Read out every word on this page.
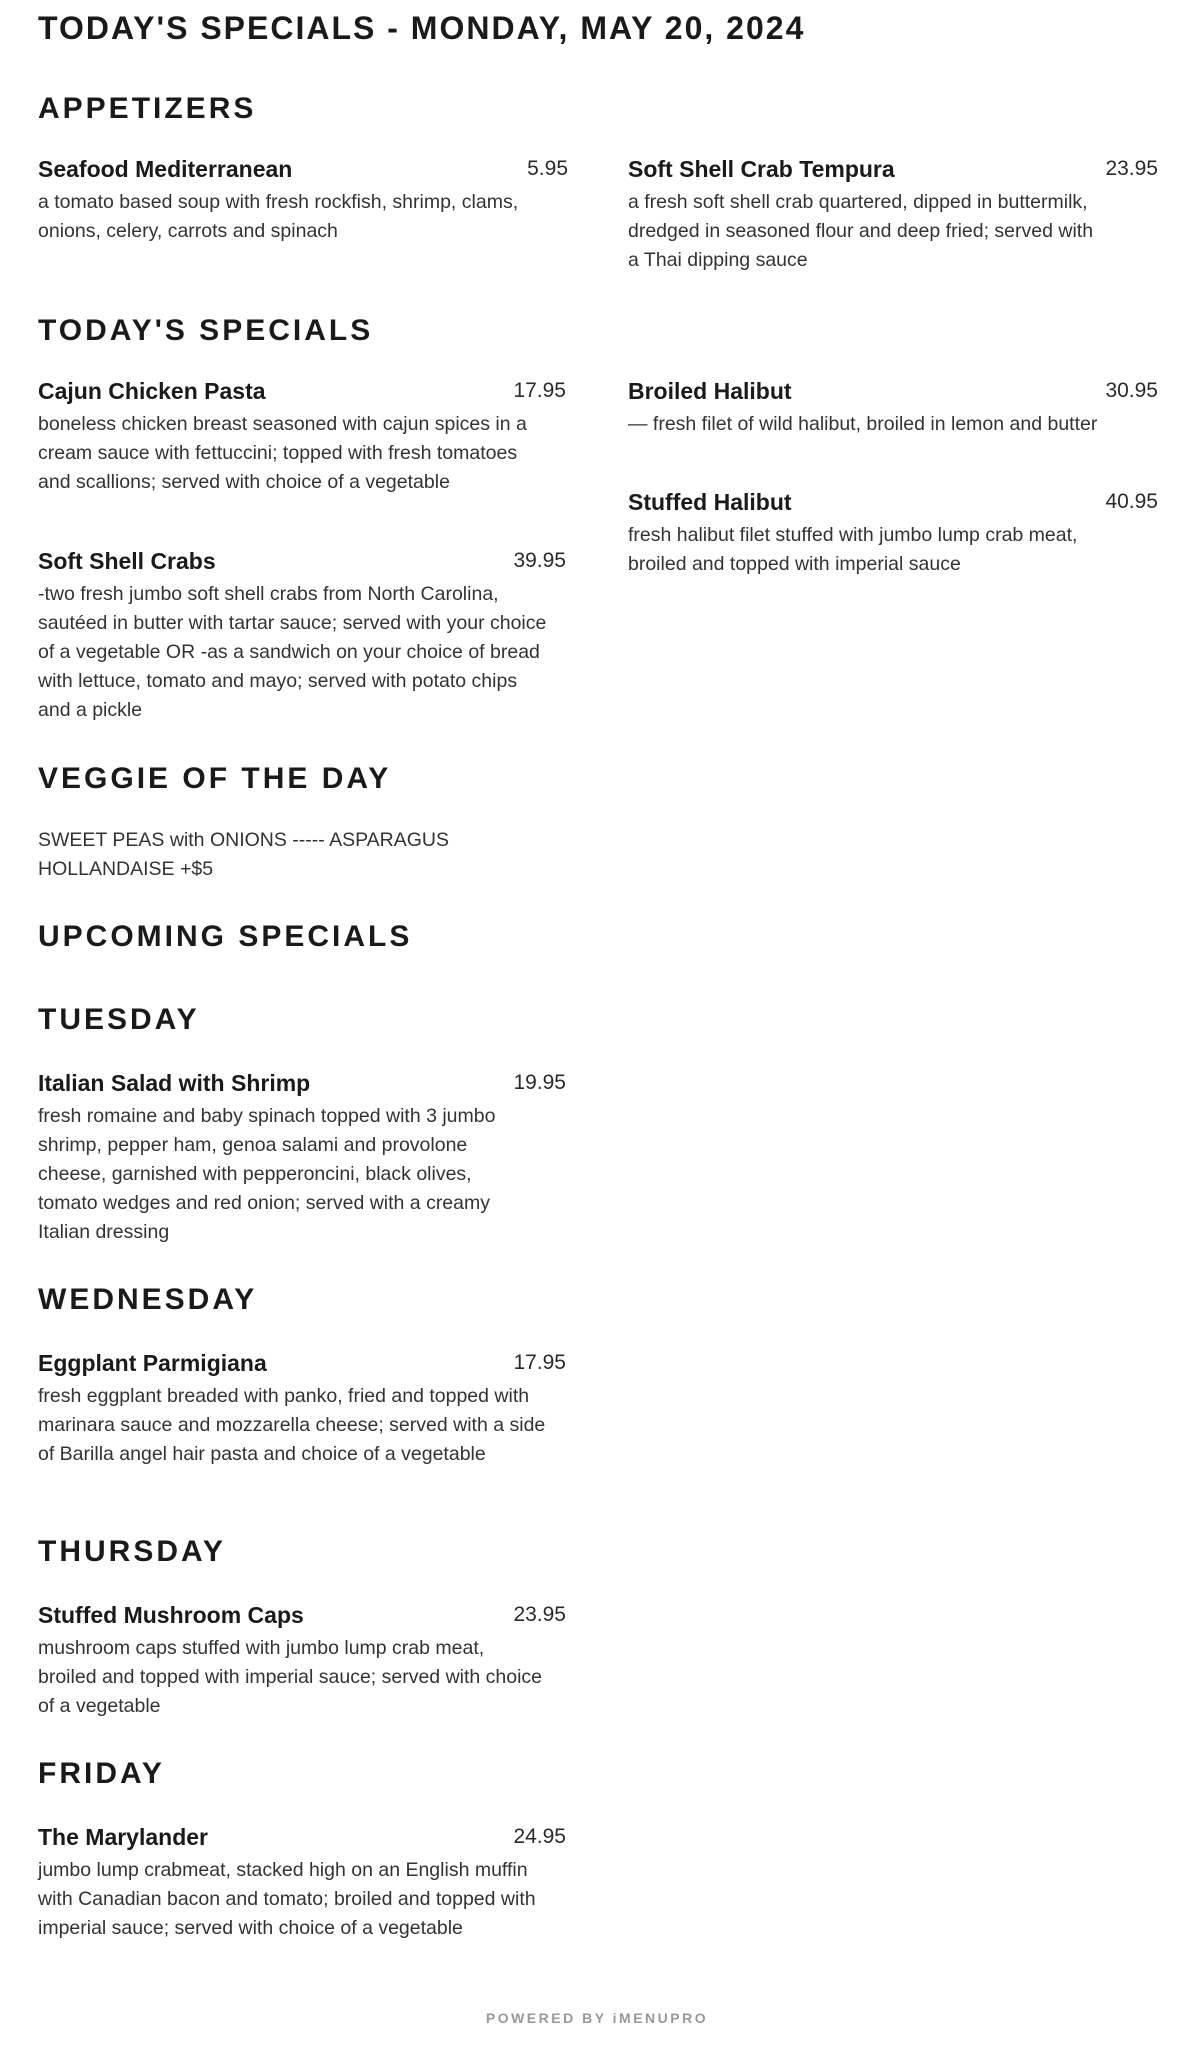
TODAY'S SPECIALS - MONDAY, MAY 20, 2024
APPETIZERS
Seafood Mediterranean	5.95
a tomato based soup with fresh rockfish, shrimp, clams, onions, celery, carrots and spinach
Soft Shell Crab Tempura	23.95
a fresh soft shell crab quartered, dipped in buttermilk, dredged in seasoned flour and deep fried; served with a Thai dipping sauce
TODAY'S SPECIALS
Cajun Chicken Pasta	17.95
boneless chicken breast seasoned with cajun spices in a cream sauce with fettuccini; topped with fresh tomatoes and scallions; served with choice of a vegetable
Soft Shell Crabs	39.95
-two fresh jumbo soft shell crabs from North Carolina, sautéed in butter with tartar sauce; served with your choice of a vegetable OR -as a sandwich on your choice of bread with lettuce, tomato and mayo; served with potato chips and a pickle
Broiled Halibut	30.95
— fresh filet of wild halibut, broiled in lemon and butter
Stuffed Halibut	40.95
fresh halibut filet stuffed with jumbo lump crab meat, broiled and topped with imperial sauce
VEGGIE OF THE DAY
SWEET PEAS with ONIONS ----- ASPARAGUS HOLLANDAISE +$5
UPCOMING SPECIALS
TUESDAY
Italian Salad with Shrimp	19.95
fresh romaine and baby spinach topped with 3 jumbo shrimp, pepper ham, genoa salami and provolone cheese, garnished with pepperoncini, black olives, tomato wedges and red onion; served with a creamy Italian dressing
WEDNESDAY
Eggplant Parmigiana	17.95
fresh eggplant breaded with panko, fried and topped with marinara sauce and mozzarella cheese; served with a side of Barilla angel hair pasta and choice of a vegetable
THURSDAY
Stuffed Mushroom Caps	23.95
mushroom caps stuffed with jumbo lump crab meat, broiled and topped with imperial sauce; served with choice of a vegetable
FRIDAY
The Marylander	24.95
jumbo lump crabmeat, stacked high on an English muffin with Canadian bacon and tomato; broiled and topped with imperial sauce; served with choice of a vegetable
POWERED BY iMENUPRO
